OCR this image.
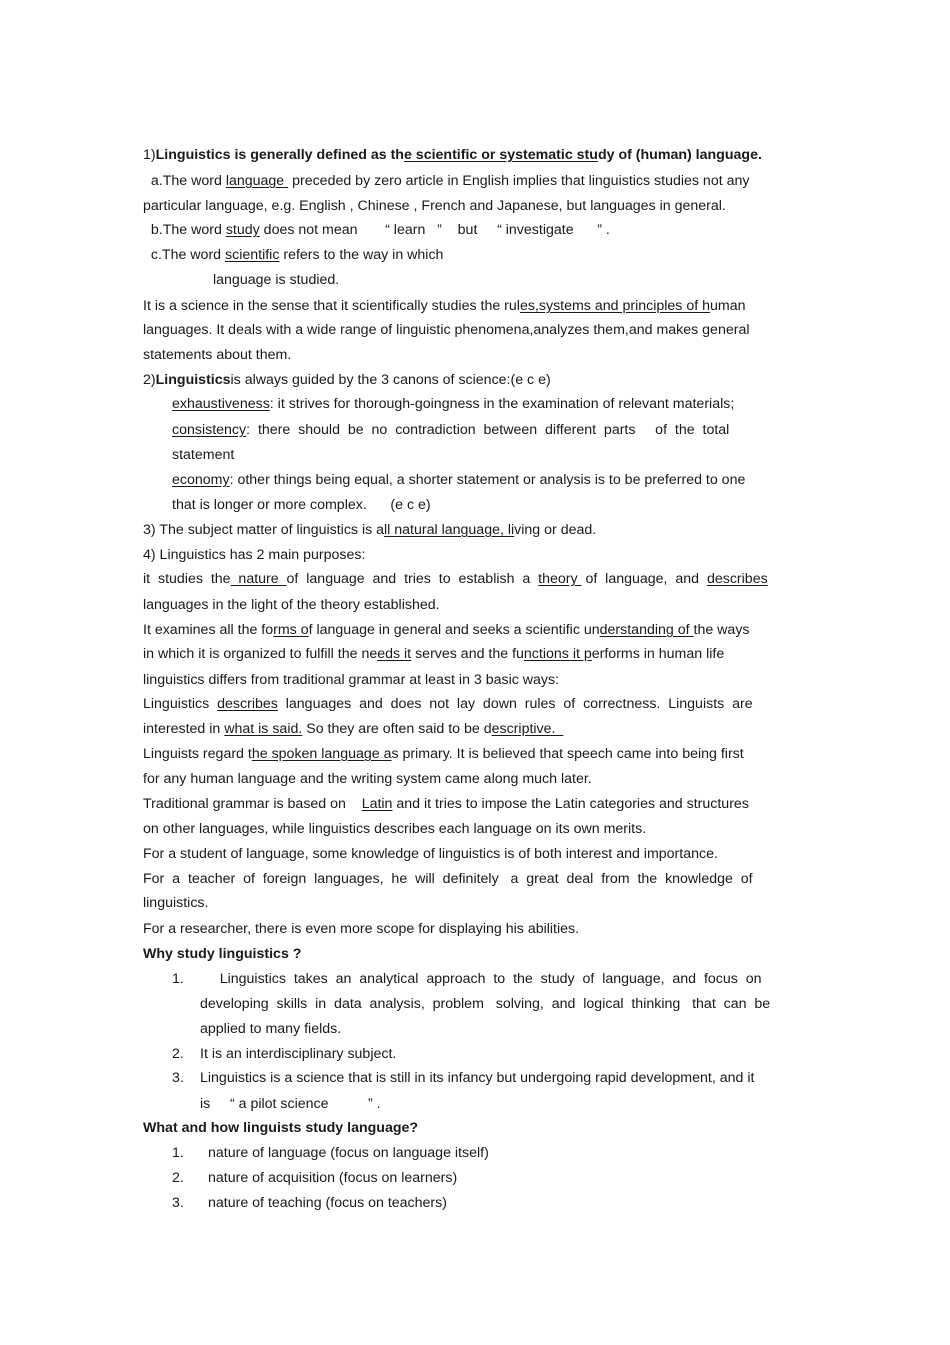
1)Linguistics is generally defined as the scientific or systematic study of (human) language.
a.The word language  preceded by zero article in English implies that linguistics studies not any
particular language, e.g. English , Chinese , French and Japanese, but languages in general.
b.The word study does not mean       “ learn   ”    but     “ investigate      ” .
c.The word scientific refers to the way in which
language is studied.
It is a science in the sense that it scientifically studies the rules,systems and principles of human
languages. It deals with a wide range of linguistic phenomena,analyzes them,and makes general
statements about them.
2)Linguisticsis always guided by the 3 canons of science:(e c e)
exhaustiveness: it strives for thorough-goingness in the examination of relevant materials;
consistency:  there  should  be  no  contradiction  between  different  parts     of  the  total
statement
economy: other things being equal, a shorter statement or analysis is to be preferred to one
that is longer or more complex.      (e c e)
3) The subject matter of linguistics is all natural language, living or dead.
4) Linguistics has 2 main purposes:
it  studies  the  nature  of  language  and  tries  to  establish  a  theory  of  language,  and  describes
languages in the light of the theory established.
It examines all the forms of language in general and seeks a scientific understanding of the ways
in which it is organized to fulfill the needs it serves and the functions it performs in human life
linguistics differs from traditional grammar at least in 3 basic ways:
Linguistics  describes  languages  and  does  not  lay  down  rules  of  correctness.  Linguists  are
interested in what is said. So they are often said to be descriptive.
Linguists regard the spoken language as primary. It is believed that speech came into being first
for any human language and the writing system came along much later.
Traditional grammar is based on    Latin and it tries to impose the Latin categories and structures
on other languages, while linguistics describes each language on its own merits.
For a student of language, some knowledge of linguistics is of both interest and importance.
For  a  teacher  of  foreign  languages,  he  will  definitely   a  great  deal  from  the  knowledge  of
linguistics.
For a researcher, there is even more scope for displaying his abilities.
Why study linguistics ?
1. Linguistics  takes  an  analytical  approach  to  the  study  of  language,  and  focus  on
developing  skills  in  data  analysis,  problem   solving,  and  logical  thinking   that  can  be
applied to many fields.
2. It is an interdisciplinary subject.
3. Linguistics is a science that is still in its infancy but undergoing rapid development, and it
is     “ a pilot science          ” .
What and how linguists study language?
1. nature of language (focus on language itself)
2. nature of acquisition (focus on learners)
3. nature of teaching (focus on teachers)
